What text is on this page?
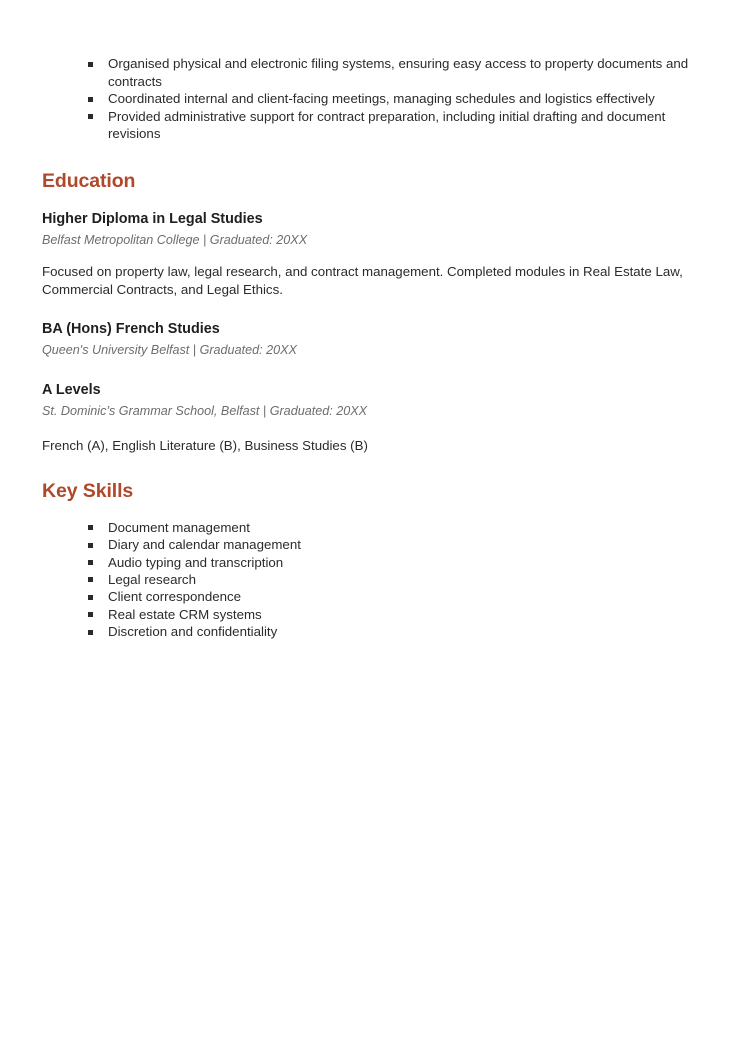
Organised physical and electronic filing systems, ensuring easy access to property documents and contracts
Coordinated internal and client-facing meetings, managing schedules and logistics effectively
Provided administrative support for contract preparation, including initial drafting and document revisions
Education
Higher Diploma in Legal Studies
Belfast Metropolitan College | Graduated: 20XX

Focused on property law, legal research, and contract management. Completed modules in Real Estate Law, Commercial Contracts, and Legal Ethics.

BA (Hons) French Studies
Queen's University Belfast | Graduated: 20XX
A Levels
St. Dominic’s Grammar School, Belfast | Graduated: 20XX

French (A), English Literature (B), Business Studies (B)

Key Skills
Document management
Diary and calendar management
Audio typing and transcription
Legal research
Client correspondence
Real estate CRM systems
Discretion and confidentiality
